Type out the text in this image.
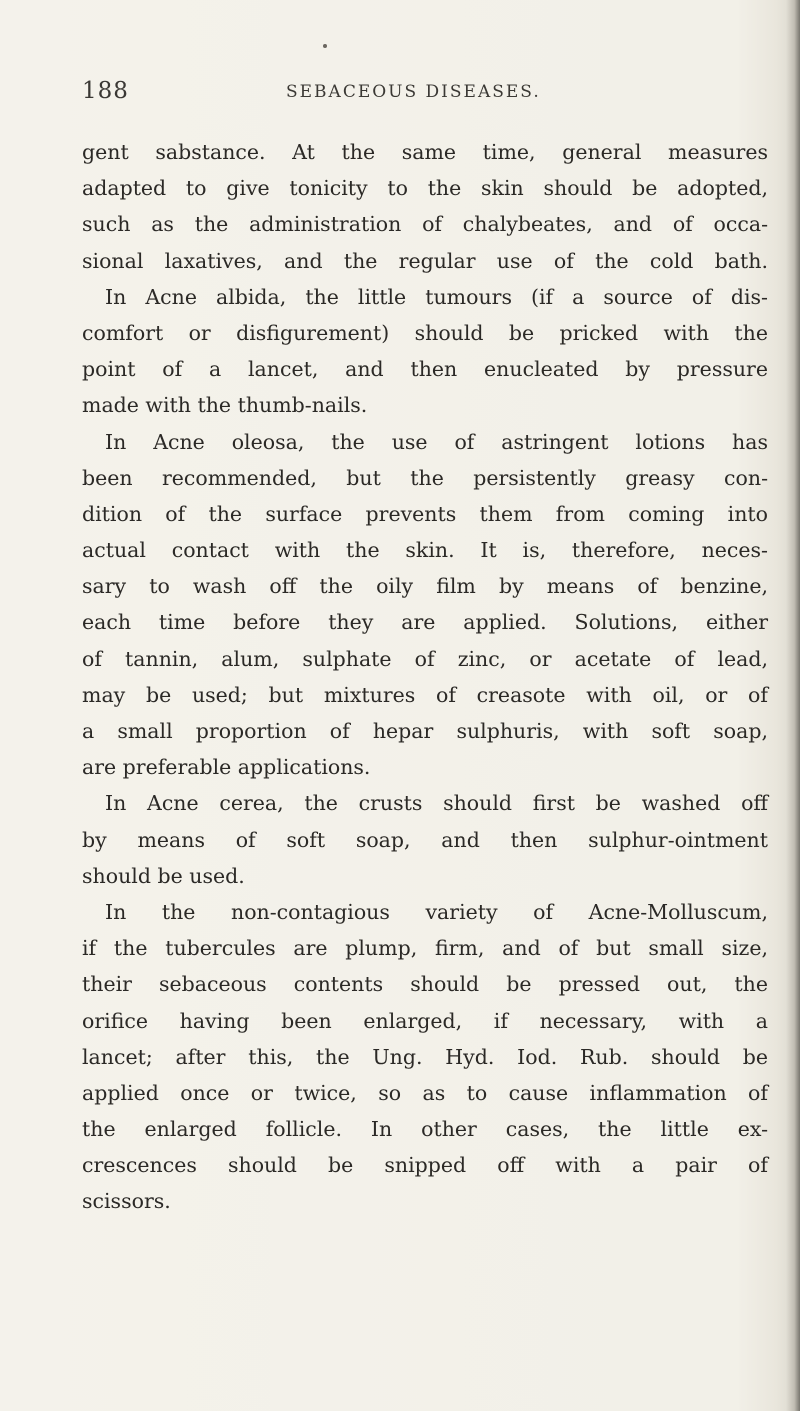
188	SEBACEOUS DISEASES.
gent sabstance. At the same time, general measures
adapted to give tonicity to the skin should be adopted,
such as the administration of chalybeates, and of occa-
sional laxatives, and the regular use of the cold bath.
In Acne albida, the little tumours (if a source of dis-
comfort or disfigurement) should be pricked with the
point of a lancet, and then enucleated by pressure
made with the thumb-nails.
In Acne oleosa, the use of astringent lotions has
been recommended, but the persistently greasy con-
dition of the surface prevents them from coming into
actual contact with the skin. It is, therefore, neces-
sary to wash off the oily film by means of benzine,
each time before they are applied. Solutions, either
of tannin, alum, sulphate of zinc, or acetate of lead,
may be used; but mixtures of creasote with oil, or of
a small proportion of hepar sulphuris, with soft soap,
are preferable applications.
In Acne cerea, the crusts should first be washed off
by means of soft soap, and then sulphur-ointment
should be used.
In the non-contagious variety of Acne-Molluscum,
if the tubercules are plump, firm, and of but small size,
their sebaceous contents should be pressed out, the
orifice having been enlarged, if necessary, with a
lancet; after this, the Ung. Hyd. Iod. Rub. should be
applied once or twice, so as to cause inflammation of
the enlarged follicle. In other cases, the little ex-
crescences should be snipped off with a pair of
scissors.
